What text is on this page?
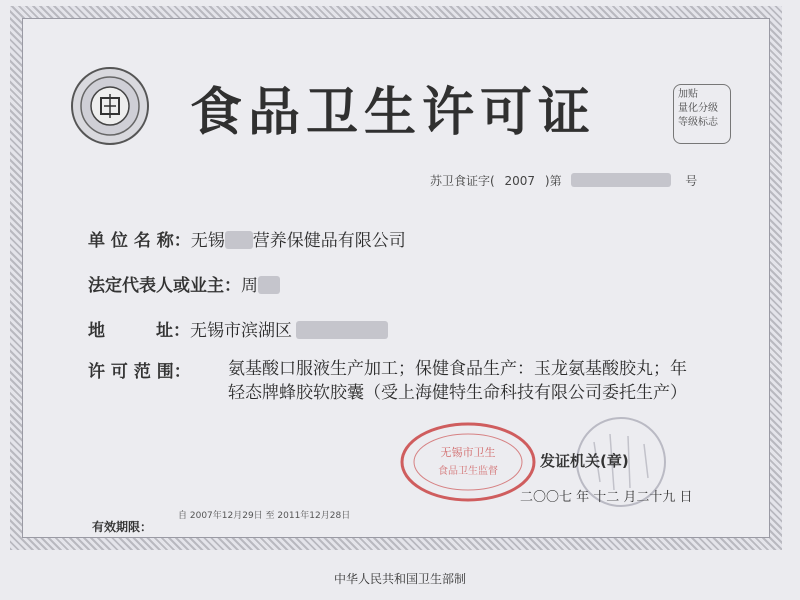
食品卫生许可证	加贴
量化分级
等级标志
苏卫食证字( 2007 )第	号
单 位 名 称：无锡 营养保健品有限公司
法定代表人或业主：周
地　　　址：无锡市滨湖区
许 可 范 围： 氨基酸口服液生产加工；保健食品生产：玉龙氨基酸胶丸；年轻态牌蜂胶软胶囊（受上海健特生命科技有限公司委托生产）
无锡市卫生
食品卫生监督
发证机关(章)
二〇〇七 年 十二 月二十九 日
自 2007年12月29日 至 2011年12月28日
有效期限：
中华人民共和国卫生部制
